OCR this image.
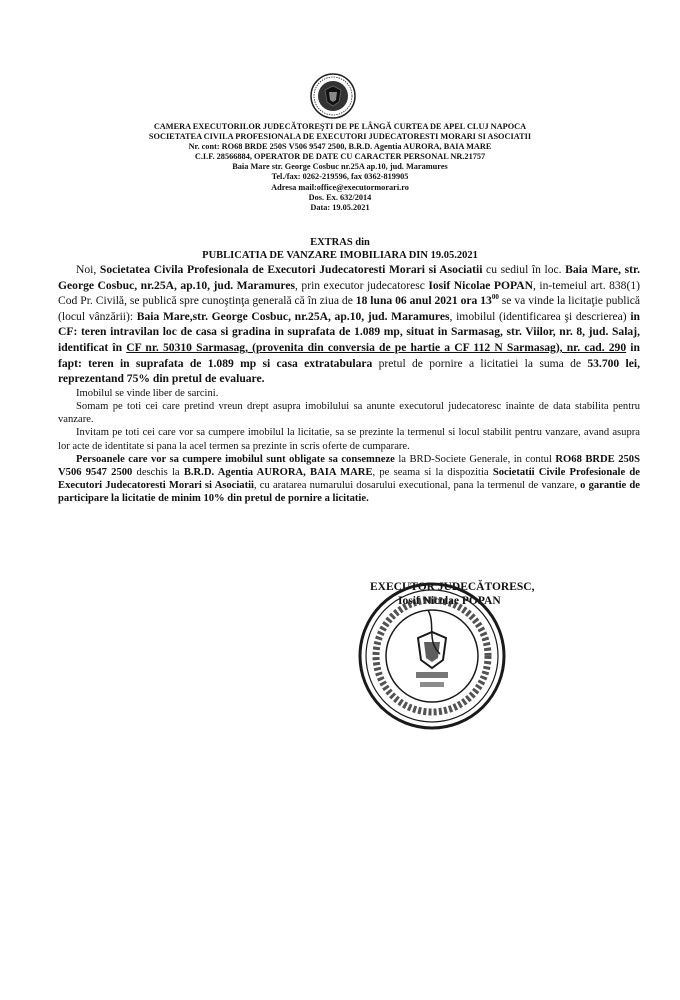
CAMERA EXECUTORILOR JUDECĂTOREŞTI DE PE LÂNGĂ CURTEA DE APEL CLUJ NAPOCA
SOCIETATEA CIVILA PROFESIONALA DE EXECUTORI JUDECATORESTI MORARI SI ASOCIATII
Nr. cont: RO68 BRDE 250S V506 9547 2500, B.R.D. Agentia AURORA, BAIA MARE
C.I.F. 28566884, OPERATOR DE DATE CU CARACTER PERSONAL NR.21757
Baia Mare str. George Cosbuc nr.25A ap.10, jud. Maramures
Tel./fax: 0262-219596, fax 0362-819905
Adresa mail:office@executormorari.ro
Dos. Ex. 632/2014
Data: 19.05.2021
EXTRAS din
PUBLICATIA DE VANZARE IMOBILIARA DIN 19.05.2021

Noi, Societatea Civila Profesionala de Executori Judecatoresti Morari si Asociatii cu sediul în loc. Baia Mare, str. George Cosbuc, nr.25A, ap.10, jud. Maramures, prin executor judecatoresc Iosif Nicolae POPAN, in-temeiul art. 838(1) Cod Pr. Civilă, se publică spre cunoştinţa generală că în ziua de 18 luna 06 anul 2021 ora $13^{00}$ se va vinde la licitaţie publică (locul vânzării): Baia Mare,str. George Cosbuc, nr.25A, ap.10, jud. Maramures, imobilul (identificarea şi descrierea) in CF: teren intravilan loc de casa si gradina in suprafata de 1.089 mp, situat in Sarmasag, str. Viilor, nr. 8, jud. Salaj, identificat în CF nr. 50310 Sarmasag, (provenita din conversia de pe hartie a CF 112 N Sarmasag), nr. cad. 290 in fapt: teren in suprafata de 1.089 mp si casa extratabulara pretul de pornire a licitatiei la suma de 53.700 lei, reprezentand 75% din pretul de evaluare.

Imobilul se vinde liber de sarcini.

Somam pe toti cei care pretind vreun drept asupra imobilului sa anunte executorul judecatoresc inainte de data stabilita pentru vanzare.

Invitam pe toti cei care vor sa cumpere imobilul la licitatie, sa se prezinte la termenul si locul stabilit pentru vanzare, avand asupra lor acte de identitate si pana la acel termen sa prezinte in scris oferte de cumparare.

Persoanele care vor sa cumpere imobilul sunt obligate sa consemneze la BRD-Societe Generale, in contul RO68 BRDE 250S V506 9547 2500 deschis la B.R.D. Agentia AURORA, BAIA MARE, pe seama si la dispozitia Societatii Civile Profesionale de Executori Judecatoresti Morari si Asociatii, cu aratarea numarului dosarului executional, pana la termenul de vanzare, o garantie de participare la licitatie de minim 10% din pretul de pornire a licitatie.

EXECUTOR JUDECĂTORESC,
Iosif Nicolae POPAN
